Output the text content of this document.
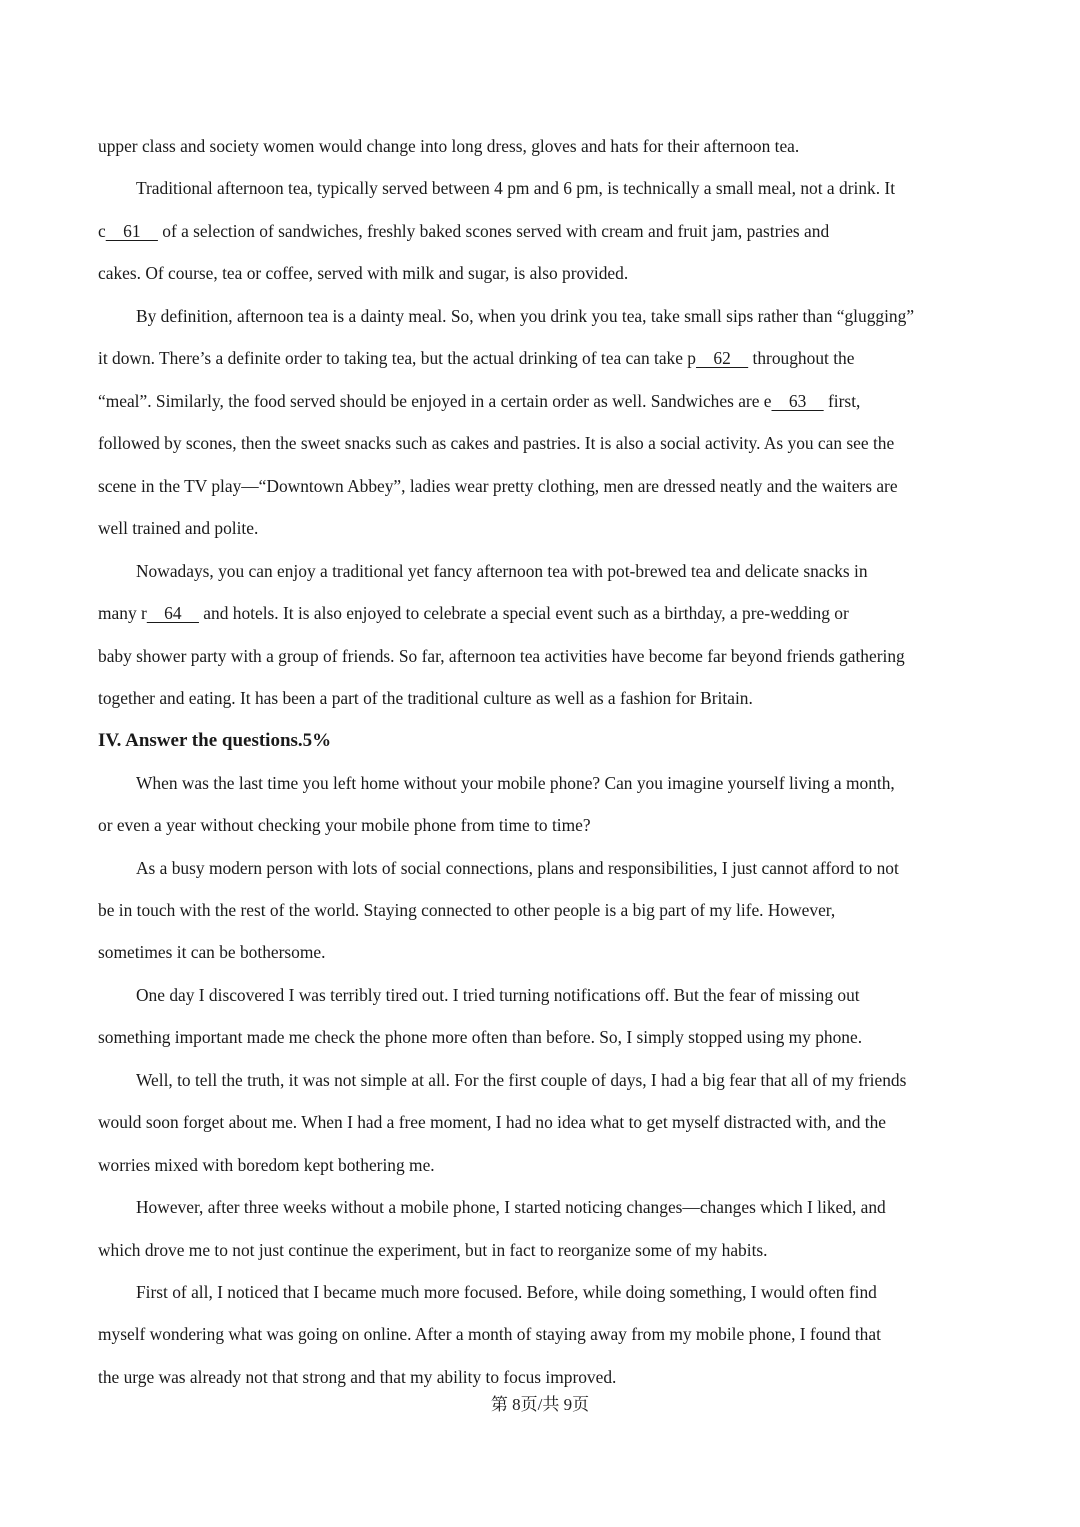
upper class and society women would change into long dress, gloves and hats for their afternoon tea.
Traditional afternoon tea, typically served between 4 pm and 6 pm, is technically a small meal, not a drink. It
c    61     of a selection of sandwiches, freshly baked scones served with cream and fruit jam, pastries and
cakes. Of course, tea or coffee, served with milk and sugar, is also provided.
By definition, afternoon tea is a dainty meal. So, when you drink you tea, take small sips rather than “glugging”
it down. There’s a definite order to taking tea, but the actual drinking of tea can take p    62     throughout the
“meal”. Similarly, the food served should be enjoyed in a certain order as well. Sandwiches are e    63     first,
followed by scones, then the sweet snacks such as cakes and pastries. It is also a social activity. As you can see the
scene in the TV play—“Downtown Abbey”, ladies wear pretty clothing, men are dressed neatly and the waiters are
well trained and polite.
Nowadays, you can enjoy a traditional yet fancy afternoon tea with pot-brewed tea and delicate snacks in
many r    64     and hotels. It is also enjoyed to celebrate a special event such as a birthday, a pre-wedding or
baby shower party with a group of friends. So far, afternoon tea activities have become far beyond friends gathering
together and eating. It has been a part of the traditional culture as well as a fashion for Britain.
IV. Answer the questions.5%
When was the last time you left home without your mobile phone? Can you imagine yourself living a month,
or even a year without checking your mobile phone from time to time?
As a busy modern person with lots of social connections, plans and responsibilities, I just cannot afford to not
be in touch with the rest of the world. Staying connected to other people is a big part of my life. However,
sometimes it can be bothersome.
One day I discovered I was terribly tired out. I tried turning notifications off. But the fear of missing out
something important made me check the phone more often than before. So, I simply stopped using my phone.
Well, to tell the truth, it was not simple at all. For the first couple of days, I had a big fear that all of my friends
would soon forget about me. When I had a free moment, I had no idea what to get myself distracted with, and the
worries mixed with boredom kept bothering me.
However, after three weeks without a mobile phone, I started noticing changes—changes which I liked, and
which drove me to not just continue the experiment, but in fact to reorganize some of my habits.
First of all, I noticed that I became much more focused. Before, while doing something, I would often find
myself wondering what was going on online. After a month of staying away from my mobile phone, I found that
the urge was already not that strong and that my ability to focus improved.
第 8页/共 9页
